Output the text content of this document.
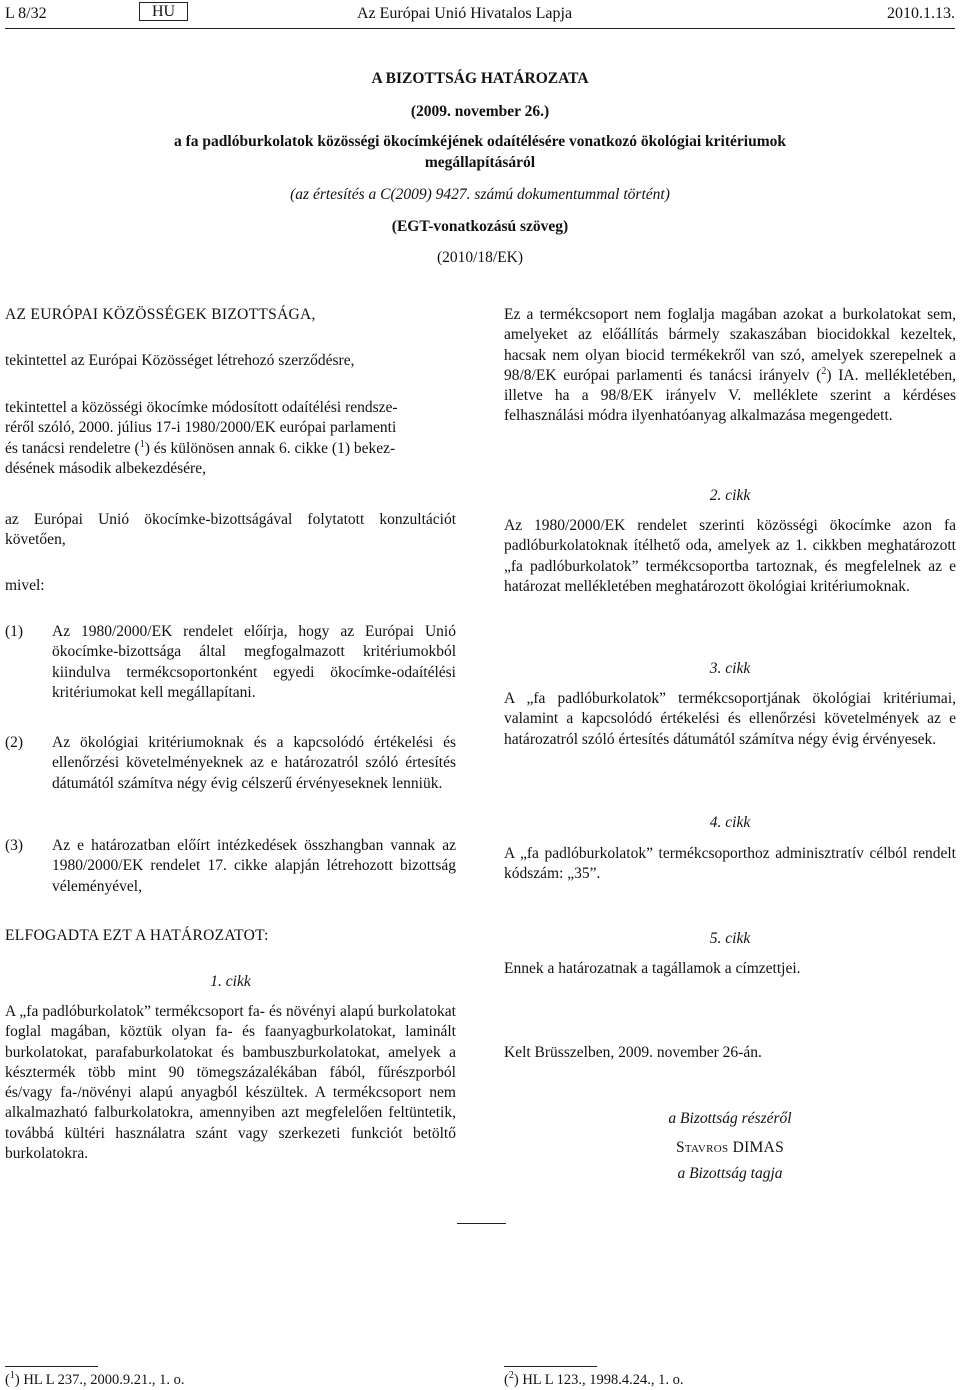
L 8/32	HU	Az Európai Unió Hivatalos Lapja	2010.1.13.
A BIZOTTSÁG HATÁROZATA
(2009. november 26.)
a fa padlóburkolatok közösségi ökocímkéjének odaítélésére vonatkozó ökológiai kritériumok
megállapításáról
(az értesítés a C(2009) 9427. számú dokumentummal történt)
(EGT-vonatkozású szöveg)
(2010/18/EK)
AZ EURÓPAI KÖZÖSSÉGEK BIZOTTSÁGA,
tekintettel az Európai Közösséget létrehozó szerződésre,
tekintettel a közösségi ökocímke módosított odaítélési rendsze-
réről szóló, 2000. július 17-i 1980/2000/EK európai parlamenti
és tanácsi rendeletre ($^1$) és különösen annak 6. cikke (1) bekez-
désének második albekezdésére,
az Európai Unió ökocímke-bizottságával folytatott konzultációt követően,
mivel:
(1) Az 1980/2000/EK rendelet előírja, hogy az Európai Unió ökocímke-bizottsága által megfogalmazott kritériumokból kiindulva termékcsoportonként egyedi ökocímke-odaítélési kritériumokat kell megállapítani.
(2) Az ökológiai kritériumoknak és a kapcsolódó értékelési és ellenőrzési követelményeknek az e határozatról szóló értesítés dátumától számítva négy évig célszerű érvényeseknek lenniük.
(3) Az e határozatban előírt intézkedések összhangban vannak az 1980/2000/EK rendelet 17. cikke alapján létrehozott bizottság véleményével,
ELFOGADTA EZT A HATÁROZATOT:
1. cikk
A „fa padlóburkolatok” termékcsoport fa- és növényi alapú burkolatokat foglal magában, köztük olyan fa- és faanyagburkolatokat, laminált burkolatokat, parafaburkolatokat és bambuszburkolatokat, amelyek a késztermék több mint 90 tömegszázalékában fából, fűrészporból és/vagy fa-/növényi alapú anyagból készültek. A termékcsoport nem alkalmazható falburkolatokra, amennyiben azt megfelelően feltüntetik, továbbá kültéri használatra szánt vagy szerkezeti funkciót betöltő burkolatokra.

Ez a termékcsoport nem foglalja magában azokat a burkolatokat sem, amelyeket az előállítás bármely szakaszában biocidokkal kezeltek, hacsak nem olyan biocid termékekről van szó, amelyek szerepelnek a 98/8/EK európai parlamenti és tanácsi irányelv ($^2$) IA. mellékletében, illetve ha a 98/8/EK irányelv V. melléklete szerint a kérdéses felhasználási módra ilyenhatóanyag alkalmazása megengedett.

2. cikk
Az 1980/2000/EK rendelet szerinti közösségi ökocímke azon fa padlóburkolatoknak ítélhető oda, amelyek az 1. cikkben meghatározott „fa padlóburkolatok” termékcsoportba tartoznak, és megfelelnek az e határozat mellékletében meghatározott ökológiai kritériumoknak.
3. cikk
A „fa padlóburkolatok” termékcsoportjának ökológiai kritériumai, valamint a kapcsolódó értékelési és ellenőrzési követelmények az e határozatról szóló értesítés dátumától számítva négy évig érvényesek.
4. cikk
A „fa padlóburkolatok” termékcsoporthoz adminisztratív célból rendelt kódszám: „35”.
5. cikk
Ennek a határozatnak a tagállamok a címzettjei.
Kelt Brüsszelben, 2009. november 26-án.
a Bizottság részéről
Stavros DIMAS
a Bizottság tagja
($^1$) HL L 237., 2000.9.21., 1. o.	($^2$) HL L 123., 1998.4.24., 1. o.
